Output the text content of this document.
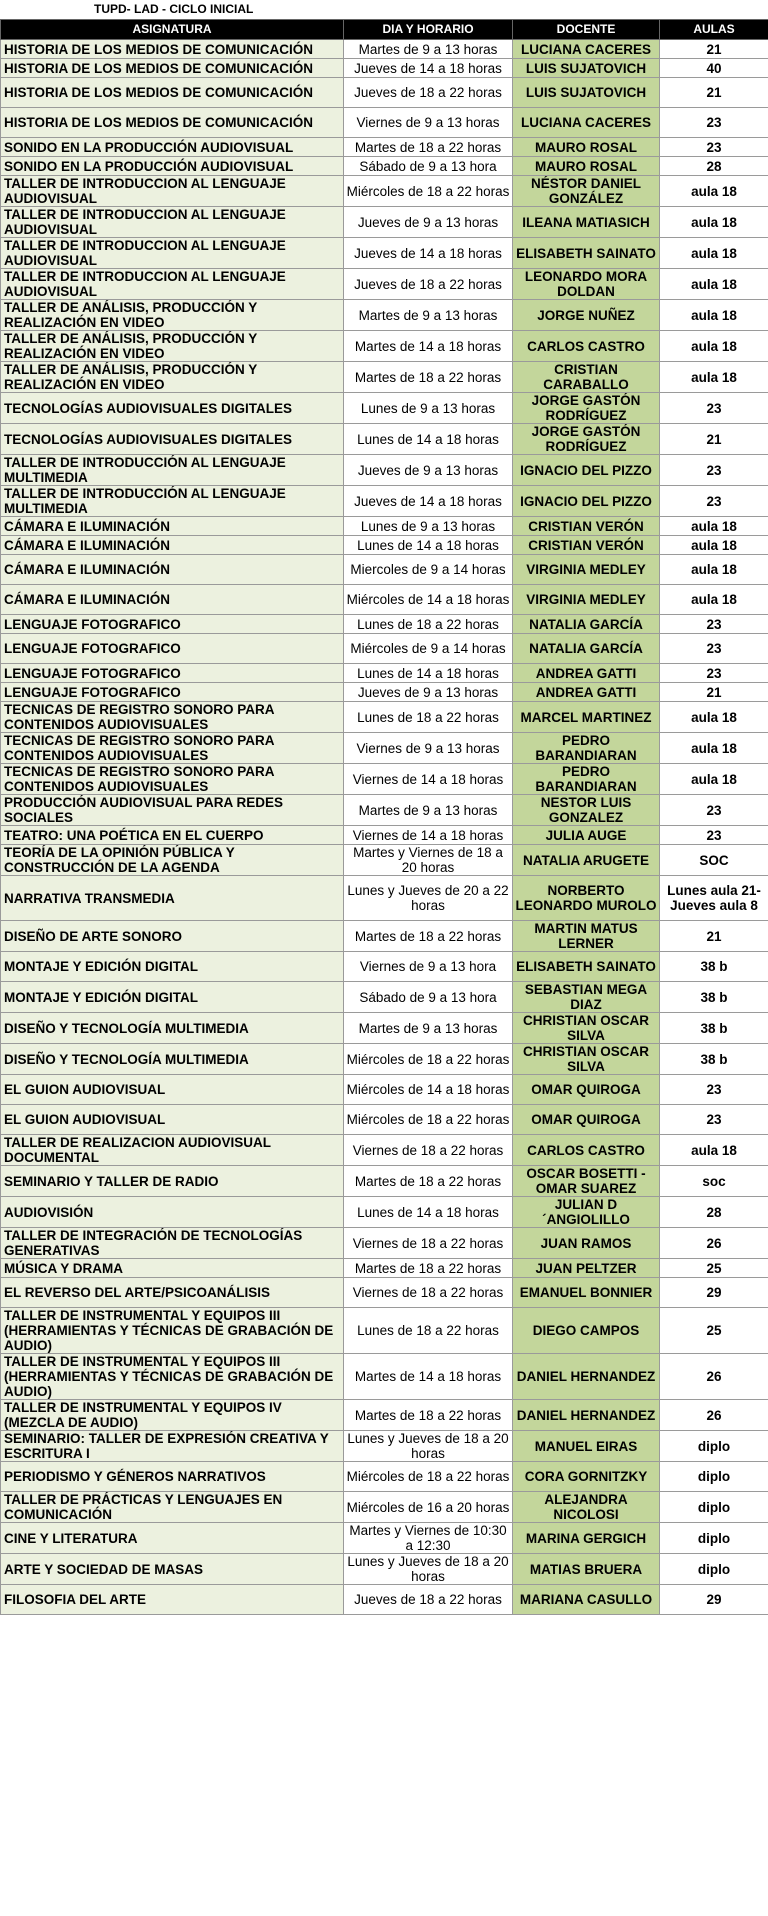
TUPD- LAD - CICLO INICIAL
ASIGNATURA	DIA Y HORARIO	DOCENTE	AULAS
HISTORIA DE LOS MEDIOS DE COMUNICACIÓN	Martes de 9 a 13 horas	LUCIANA CACERES	21
HISTORIA DE LOS MEDIOS DE COMUNICACIÓN	Jueves de 14 a 18 horas	LUIS SUJATOVICH	40
HISTORIA DE LOS MEDIOS DE COMUNICACIÓN	Jueves de 18 a 22 horas	LUIS SUJATOVICH	21
HISTORIA DE LOS MEDIOS DE COMUNICACIÓN	Viernes de 9 a 13 horas	LUCIANA CACERES	23
SONIDO EN LA PRODUCCIÓN AUDIOVISUAL	Martes de 18 a 22 horas	MAURO ROSAL	23
SONIDO EN LA PRODUCCIÓN AUDIOVISUAL	Sábado de 9 a 13 hora	MAURO ROSAL	28
TALLER DE INTRODUCCION AL LENGUAJE AUDIOVISUAL	Miércoles de 18 a 22 horas	NÉSTOR DANIEL GONZÁLEZ	aula 18
TALLER DE INTRODUCCION AL LENGUAJE AUDIOVISUAL	Jueves de 9 a 13 horas	ILEANA MATIASICH	aula 18
TALLER DE INTRODUCCION AL LENGUAJE AUDIOVISUAL	Jueves de 14 a 18 horas	ELISABETH SAINATO	aula 18
TALLER DE INTRODUCCION AL LENGUAJE AUDIOVISUAL	Jueves de 18 a 22 horas	LEONARDO MORA DOLDAN	aula 18
TALLER DE ANÁLISIS, PRODUCCIÓN Y REALIZACIÓN EN VIDEO	Martes de 9 a 13 horas	JORGE NUÑEZ	aula 18
TALLER DE ANÁLISIS, PRODUCCIÓN Y REALIZACIÓN EN VIDEO	Martes de 14 a 18 horas	CARLOS CASTRO	aula 18
TALLER DE ANÁLISIS, PRODUCCIÓN Y REALIZACIÓN EN VIDEO	Martes de 18 a 22 horas	CRISTIAN CARABALLO	aula 18
TECNOLOGÍAS AUDIOVISUALES DIGITALES	Lunes de 9 a 13 horas	JORGE GASTÓN RODRÍGUEZ	23
TECNOLOGÍAS AUDIOVISUALES DIGITALES	Lunes de 14 a 18 horas	JORGE GASTÓN RODRÍGUEZ	21
TALLER DE INTRODUCCIÓN AL LENGUAJE MULTIMEDIA	Jueves de 9 a 13 horas	IGNACIO DEL PIZZO	23
TALLER DE INTRODUCCIÓN AL LENGUAJE MULTIMEDIA	Jueves de 14 a 18 horas	IGNACIO DEL PIZZO	23
CÁMARA E ILUMINACIÓN	Lunes de 9 a 13 horas	CRISTIAN VERÓN	aula 18
CÁMARA E ILUMINACIÓN	Lunes de 14 a 18 horas	CRISTIAN VERÓN	aula 18
CÁMARA E ILUMINACIÓN	Miercoles de 9 a 14 horas	VIRGINIA MEDLEY	aula 18
CÁMARA E ILUMINACIÓN	Miércoles de 14 a 18 horas	VIRGINIA MEDLEY	aula 18
LENGUAJE FOTOGRAFICO	Lunes de 18 a 22 horas	NATALIA GARCÍA	23
LENGUAJE FOTOGRAFICO	Miércoles de 9 a 14 horas	NATALIA GARCÍA	23
LENGUAJE FOTOGRAFICO	Lunes de 14 a 18 horas	ANDREA GATTI	23
LENGUAJE FOTOGRAFICO	Jueves de 9 a 13 horas	ANDREA GATTI	21
TECNICAS DE REGISTRO SONORO PARA CONTENIDOS AUDIOVISUALES	Lunes de 18 a 22 horas	MARCEL MARTINEZ	aula 18
TECNICAS DE REGISTRO SONORO PARA CONTENIDOS AUDIOVISUALES	Viernes de 9 a 13 horas	PEDRO BARANDIARAN	aula 18
TECNICAS DE REGISTRO SONORO PARA CONTENIDOS AUDIOVISUALES	Viernes de 14 a 18 horas	PEDRO BARANDIARAN	aula 18
PRODUCCIÓN AUDIOVISUAL PARA REDES SOCIALES	Martes de 9 a 13 horas	NESTOR LUIS GONZALEZ	23
TEATRO: UNA POÉTICA EN EL CUERPO	Viernes de 14 a 18 horas	JULIA AUGE	23
TEORÍA DE LA OPINIÓN PÚBLICA Y CONSTRUCCIÓN DE LA AGENDA	Martes y Viernes de 18 a 20 horas	NATALIA ARUGETE	SOC
NARRATIVA TRANSMEDIA	Lunes y Jueves de 20 a 22 horas	NORBERTO LEONARDO MUROLO	Lunes aula 21- Jueves aula 8
DISEÑO DE ARTE SONORO	Martes de 18 a 22 horas	MARTIN MATUS LERNER	21
MONTAJE Y EDICIÓN DIGITAL	Viernes de 9 a 13 hora	ELISABETH SAINATO	38 b
MONTAJE Y EDICIÓN DIGITAL	Sábado de 9 a 13 hora	SEBASTIAN MEGA DIAZ	38 b
DISEÑO Y TECNOLOGÍA MULTIMEDIA	Martes de 9 a 13 horas	CHRISTIAN OSCAR SILVA	38 b
DISEÑO Y TECNOLOGÍA MULTIMEDIA	Miércoles de 18 a 22 horas	CHRISTIAN OSCAR SILVA	38 b
EL GUION AUDIOVISUAL	Miércoles de 14 a 18 horas	OMAR QUIROGA	23
EL GUION AUDIOVISUAL	Miércoles de 18 a 22 horas	OMAR QUIROGA	23
TALLER DE REALIZACION AUDIOVISUAL DOCUMENTAL	Viernes de 18 a 22 horas	CARLOS CASTRO	aula 18
SEMINARIO Y TALLER DE RADIO	Martes de 18 a 22 horas	OSCAR BOSETTI - OMAR SUAREZ	soc
AUDIOVISIÓN	Lunes de 14 a 18 horas	JULIAN D´ANGIOLILLO	28
TALLER DE INTEGRACIÓN DE TECNOLOGÍAS GENERATIVAS	Viernes de 18 a 22 horas	JUAN RAMOS	26
MÚSICA Y DRAMA	Martes de 18 a 22 horas	JUAN PELTZER	25
EL REVERSO DEL ARTE/PSICOANÁLISIS	Viernes de 18 a 22 horas	EMANUEL BONNIER	29
TALLER DE INSTRUMENTAL Y EQUIPOS III (HERRAMIENTAS Y TÉCNICAS DE GRABACIÓN DE AUDIO)	Lunes de 18 a 22 horas	DIEGO CAMPOS	25
TALLER DE INSTRUMENTAL Y EQUIPOS III (HERRAMIENTAS Y TÉCNICAS DE GRABACIÓN DE AUDIO)	Martes de 14 a 18 horas	DANIEL HERNANDEZ	26
TALLER DE INSTRUMENTAL Y EQUIPOS IV (MEZCLA DE AUDIO)	Martes de 18 a 22 horas	DANIEL HERNANDEZ	26
SEMINARIO: TALLER DE EXPRESIÓN CREATIVA Y ESCRITURA I	Lunes y Jueves de 18 a 20 horas	MANUEL EIRAS	diplo
PERIODISMO Y GÉNEROS NARRATIVOS	Miércoles de 18 a 22 horas	CORA GORNITZKY	diplo
TALLER DE PRÁCTICAS Y LENGUAJES EN COMUNICACIÓN	Miércoles de 16 a 20 horas	ALEJANDRA NICOLOSI	diplo
CINE Y LITERATURA	Martes y Viernes de 10:30 a 12:30	MARINA GERGICH	diplo
ARTE Y SOCIEDAD DE MASAS	Lunes y Jueves de 18 a 20 horas	MATIAS BRUERA	diplo
FILOSOFIA DEL ARTE	Jueves de 18 a 22 horas	MARIANA CASULLO	29
